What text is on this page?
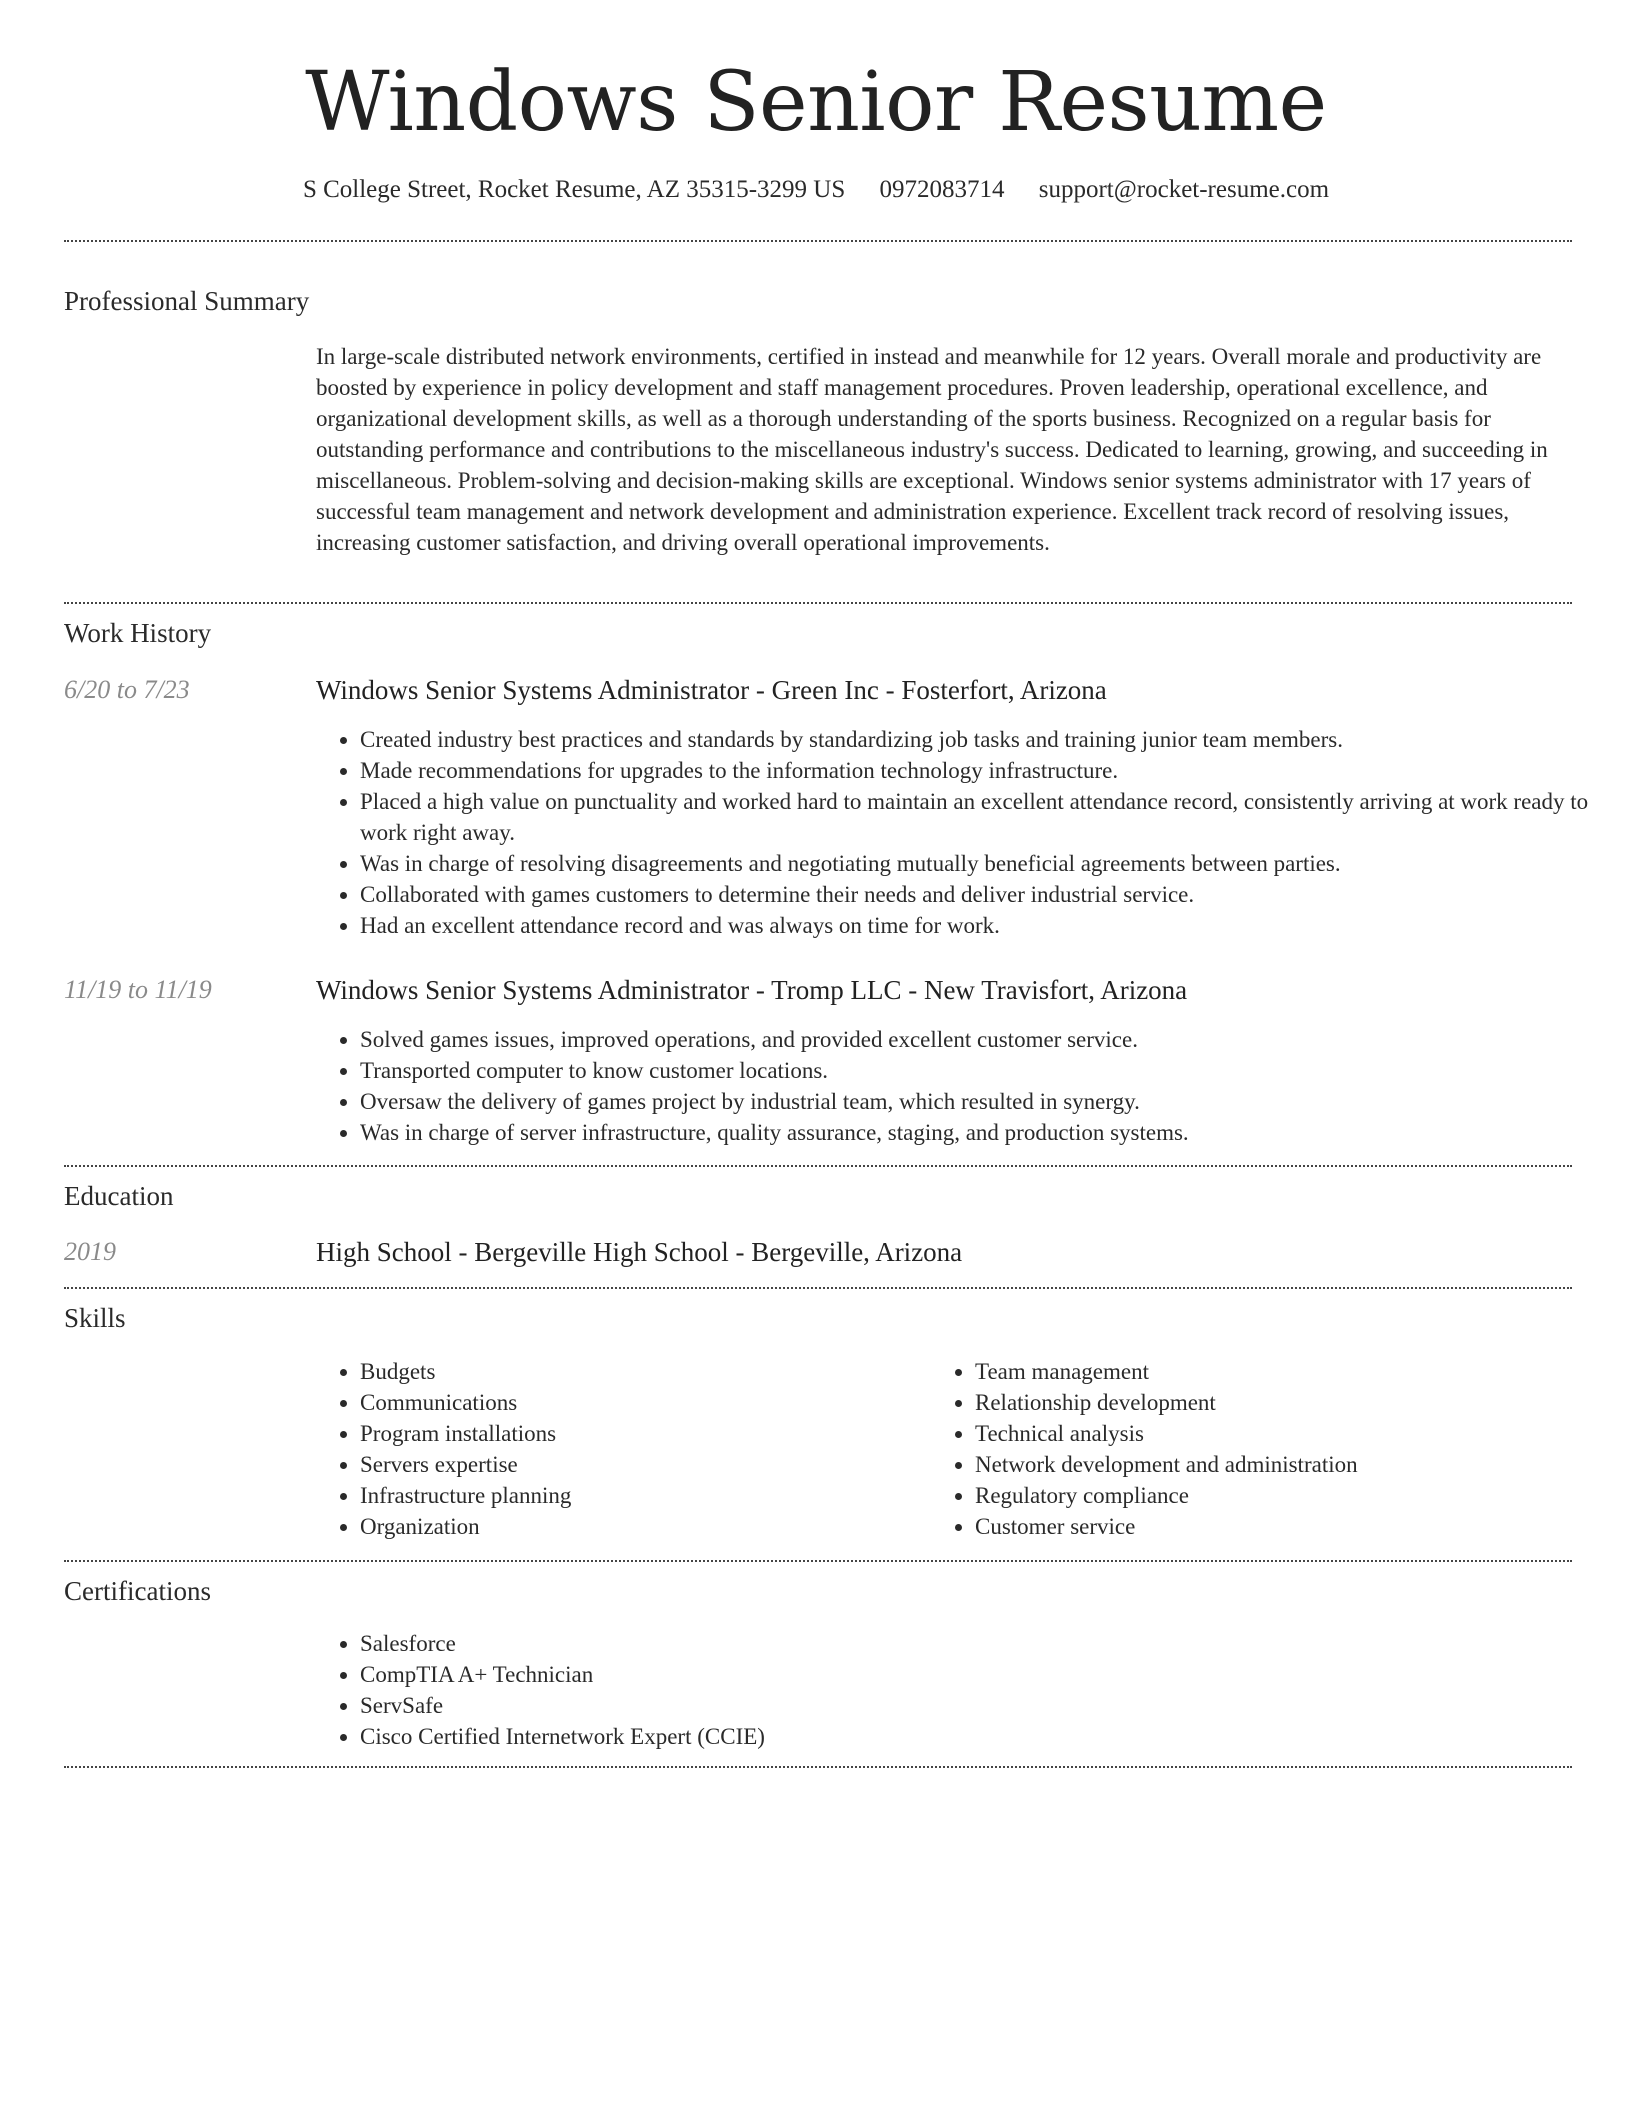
Windows Senior Resume
S College Street, Rocket Resume, AZ 35315-3299 US 0972083714 support@rocket-resume.com
Professional Summary
In large-scale distributed network environments, certified in instead and meanwhile for 12 years. Overall morale and productivity are boosted by experience in policy development and staff management procedures. Proven leadership, operational excellence, and organizational development skills, as well as a thorough understanding of the sports business. Recognized on a regular basis for outstanding performance and contributions to the miscellaneous industry's success. Dedicated to learning, growing, and succeeding in miscellaneous. Problem-solving and decision-making skills are exceptional. Windows senior systems administrator with 17 years of successful team management and network development and administration experience. Excellent track record of resolving issues, increasing customer satisfaction, and driving overall operational improvements.
Work History
6/20 to 7/23	Windows Senior Systems Administrator - Green Inc - Fosterfort, Arizona
• Created industry best practices and standards by standardizing job tasks and training junior team members.
• Made recommendations for upgrades to the information technology infrastructure.
• Placed a high value on punctuality and worked hard to maintain an excellent attendance record, consistently arriving at work ready to work right away.
• Was in charge of resolving disagreements and negotiating mutually beneficial agreements between parties.
• Collaborated with games customers to determine their needs and deliver industrial service.
• Had an excellent attendance record and was always on time for work.
11/19 to 11/19	Windows Senior Systems Administrator - Tromp LLC - New Travisfort, Arizona
• Solved games issues, improved operations, and provided excellent customer service.
• Transported computer to know customer locations.
• Oversaw the delivery of games project by industrial team, which resulted in synergy.
• Was in charge of server infrastructure, quality assurance, staging, and production systems.
Education
2019	High School - Bergeville High School - Bergeville, Arizona
Skills
• Budgets
• Communications
• Program installations
• Servers expertise
• Infrastructure planning
• Organization
• Team management
• Relationship development
• Technical analysis
• Network development and administration
• Regulatory compliance
• Customer service
Certifications
• Salesforce
• CompTIA A+ Technician
• ServSafe
• Cisco Certified Internetwork Expert (CCIE)
